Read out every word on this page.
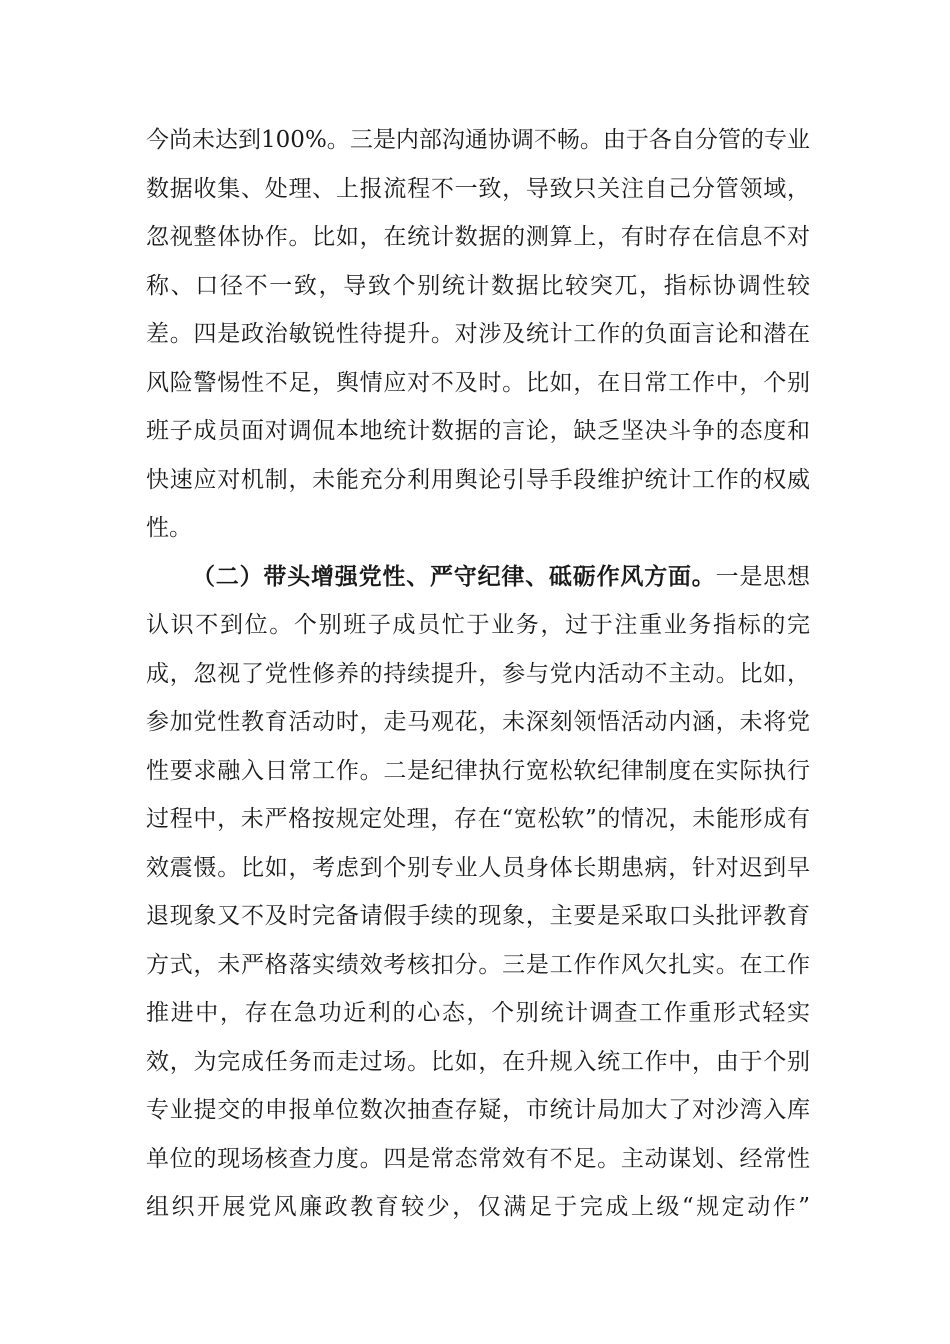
今尚未达到100%。三是内部沟通协调不畅。由于各自分管的专业数据收集、处理、上报流程不一致，导致只关注自己分管领域，忽视整体协作。比如，在统计数据的测算上，有时存在信息不对称、口径不一致，导致个别统计数据比较突兀，指标协调性较差。四是政治敏锐性待提升。对涉及统计工作的负面言论和潜在风险警惕性不足，舆情应对不及时。比如，在日常工作中，个别班子成员面对调侃本地统计数据的言论，缺乏坚决斗争的态度和快速应对机制，未能充分利用舆论引导手段维护统计工作的权威性。

（二）带头增强党性、严守纪律、砥砺作风方面。一是思想认识不到位。个别班子成员忙于业务，过于注重业务指标的完成，忽视了党性修养的持续提升，参与党内活动不主动。比如，参加党性教育活动时，走马观花，未深刻领悟活动内涵，未将党性要求融入日常工作。二是纪律执行宽松软纪律制度在实际执行过程中，未严格按规定处理，存在“宽松软”的情况，未能形成有效震慑。比如，考虑到个别专业人员身体长期患病，针对迟到早退现象又不及时完备请假手续的现象，主要是采取口头批评教育方式，未严格落实绩效考核扣分。三是工作作风欠扎实。在工作推进中，存在急功近利的心态，个别统计调查工作重形式轻实效，为完成任务而走过场。比如，在升规入统工作中，由于个别专业提交的申报单位数次抽查存疑，市统计局加大了对沙湾入库单位的现场核查力度。四是常态常效有不足。主动谋划、经常性组织开展党风廉政教育较少，仅满足于完成上级“规定动作”
